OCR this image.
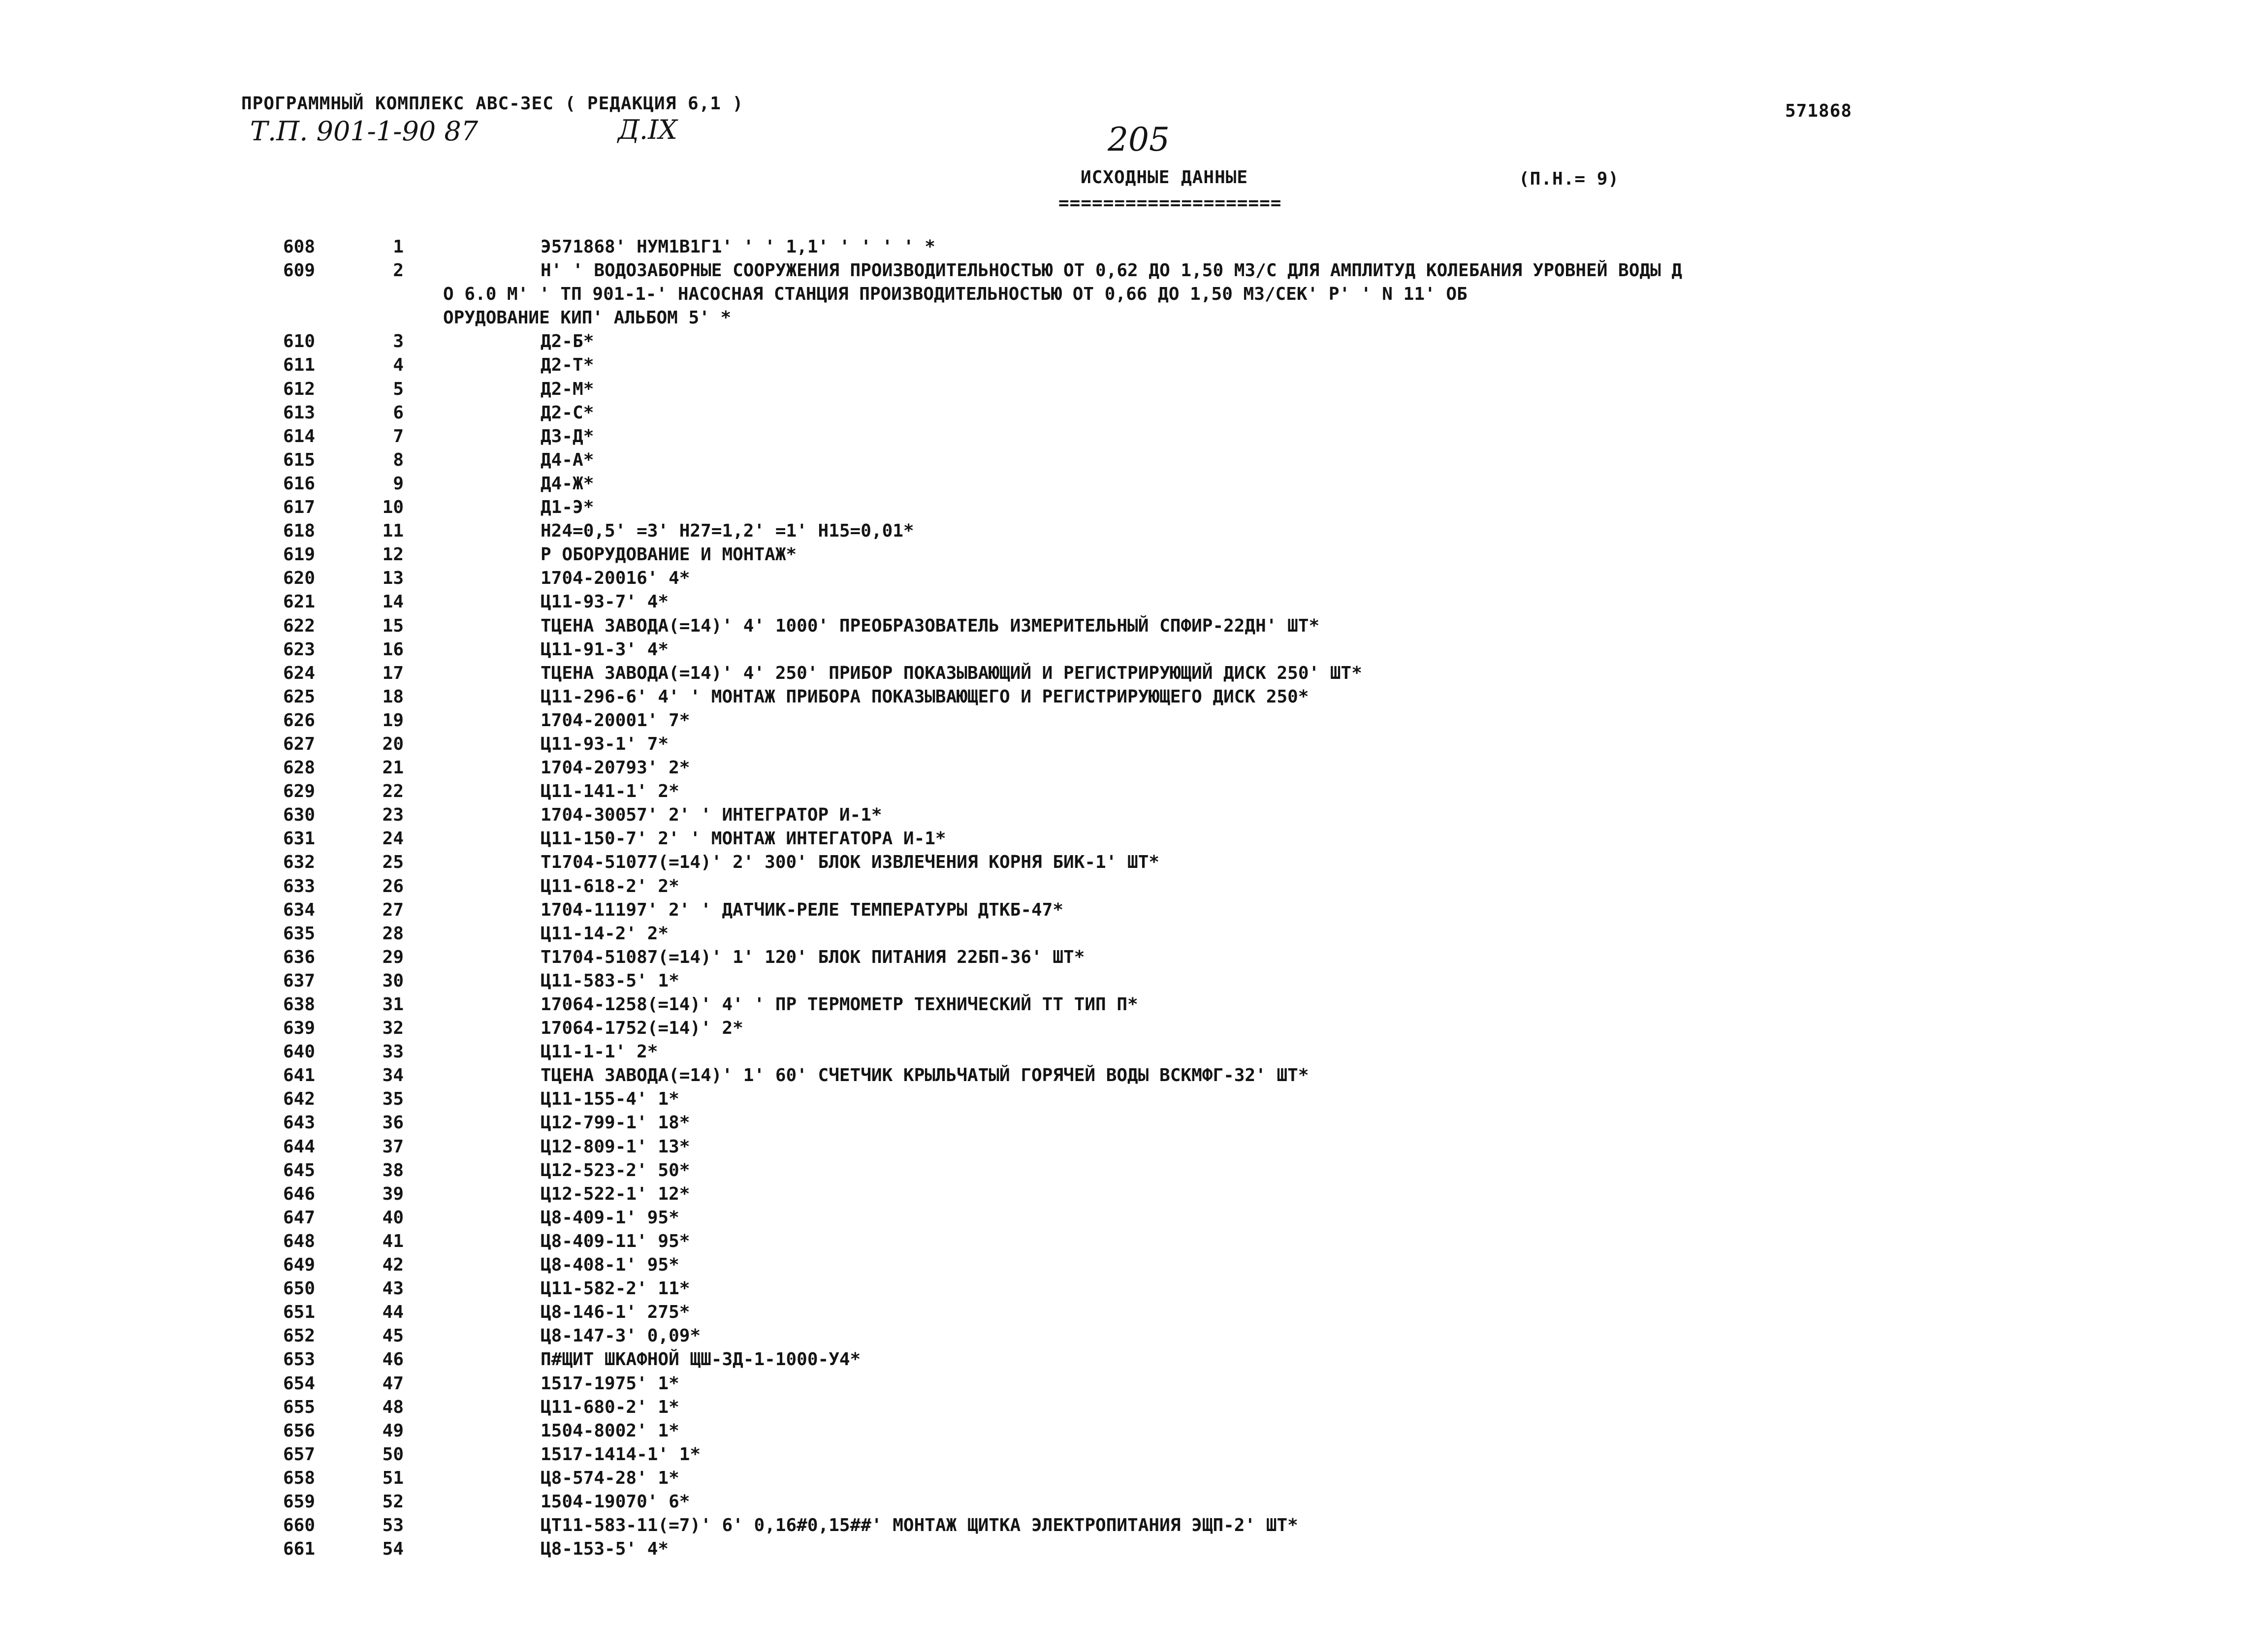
ПРОГРАММНЫЙ КОМПЛЕКС АВС-3ЕС ( РЕДАКЦИЯ 6,1 )	571868
Т.П. 901-1-90 87	Д.IX	205
ИСХОДНЫЕ ДАННЫЕ
====================
(П.Н.= 9)
608	1	Э571868' НУМ1В1Г1' ' ' 1,1' ' ' ' ' *
609	2	Н' ' ВОДОЗАБОРНЫЕ СООРУЖЕНИЯ ПРОИЗВОДИТЕЛЬНОСТЬЮ ОТ 0,62 ДО 1,50 М3/С ДЛЯ АМПЛИТУД КОЛЕБАНИЯ УРОВНЕЙ ВОДЫ Д
О 6.0 М' ' ТП 901-1-' НАСОСНАЯ СТАНЦИЯ ПРОИЗВОДИТЕЛЬНОСТЬЮ ОТ 0,66 ДО 1,50 М3/СЕК' Р' ' N 11' ОБ
ОРУДОВАНИЕ КИП' АЛЬБОМ 5' *
610	3	Д2-Б*
611	4	Д2-Т*
612	5	Д2-М*
613	6	Д2-С*
614	7	Д3-Д*
615	8	Д4-А*
616	9	Д4-Ж*
617	10	Д1-Э*
618	11	Н24=0,5' =3' Н27=1,2' =1' Н15=0,01*
619	12	Р ОБОРУДОВАНИЕ И МОНТАЖ*
620	13	1704-20016' 4*
621	14	Ц11-93-7' 4*
622	15	ТЦЕНА ЗАВОДА(=14)' 4' 1000' ПРЕОБРАЗОВАТЕЛЬ ИЗМЕРИТЕЛЬНЫЙ СПФИР-22ДН' ШТ*
623	16	Ц11-91-3' 4*
624	17	ТЦЕНА ЗАВОДА(=14)' 4' 250' ПРИБОР ПОКАЗЫВАЮЩИЙ И РЕГИСТРИРУЮЩИЙ ДИСК 250' ШТ*
625	18	Ц11-296-6' 4' ' МОНТАЖ ПРИБОРА ПОКАЗЫВАЮЩЕГО И РЕГИСТРИРУЮЩЕГО ДИСК 250*
626	19	1704-20001' 7*
627	20	Ц11-93-1' 7*
628	21	1704-20793' 2*
629	22	Ц11-141-1' 2*
630	23	1704-30057' 2' ' ИНТЕГРАТОР И-1*
631	24	Ц11-150-7' 2' ' МОНТАЖ ИНТЕГАТОРА И-1*
632	25	Т1704-51077(=14)' 2' 300' БЛОК ИЗВЛЕЧЕНИЯ КОРНЯ БИК-1' ШТ*
633	26	Ц11-618-2' 2*
634	27	1704-11197' 2' ' ДАТЧИК-РЕЛЕ ТЕМПЕРАТУРЫ ДТКБ-47*
635	28	Ц11-14-2' 2*
636	29	Т1704-51087(=14)' 1' 120' БЛОК ПИТАНИЯ 22БП-36' ШТ*
637	30	Ц11-583-5' 1*
638	31	17064-1258(=14)' 4' ' ПР ТЕРМОМЕТР ТЕХНИЧЕСКИЙ ТТ ТИП П*
639	32	17064-1752(=14)' 2*
640	33	Ц11-1-1' 2*
641	34	ТЦЕНА ЗАВОДА(=14)' 1' 60' СЧЕТЧИК КРЫЛЬЧАТЫЙ ГОРЯЧЕЙ ВОДЫ ВСКМФГ-32' ШТ*
642	35	Ц11-155-4' 1*
643	36	Ц12-799-1' 18*
644	37	Ц12-809-1' 13*
645	38	Ц12-523-2' 50*
646	39	Ц12-522-1' 12*
647	40	Ц8-409-1' 95*
648	41	Ц8-409-11' 95*
649	42	Ц8-408-1' 95*
650	43	Ц11-582-2' 11*
651	44	Ц8-146-1' 275*
652	45	Ц8-147-3' 0,09*
653	46	П#ЩИТ ШКАФНОЙ ЩШ-3Д-1-1000-У4*
654	47	1517-1975' 1*
655	48	Ц11-680-2' 1*
656	49	1504-8002' 1*
657	50	1517-1414-1' 1*
658	51	Ц8-574-28' 1*
659	52	1504-19070' 6*
660	53	ЦТ11-583-11(=7)' 6' 0,16#0,15##' МОНТАЖ ЩИТКА ЭЛЕКТРОПИТАНИЯ ЭЩП-2' ШТ*
661	54	Ц8-153-5' 4*
